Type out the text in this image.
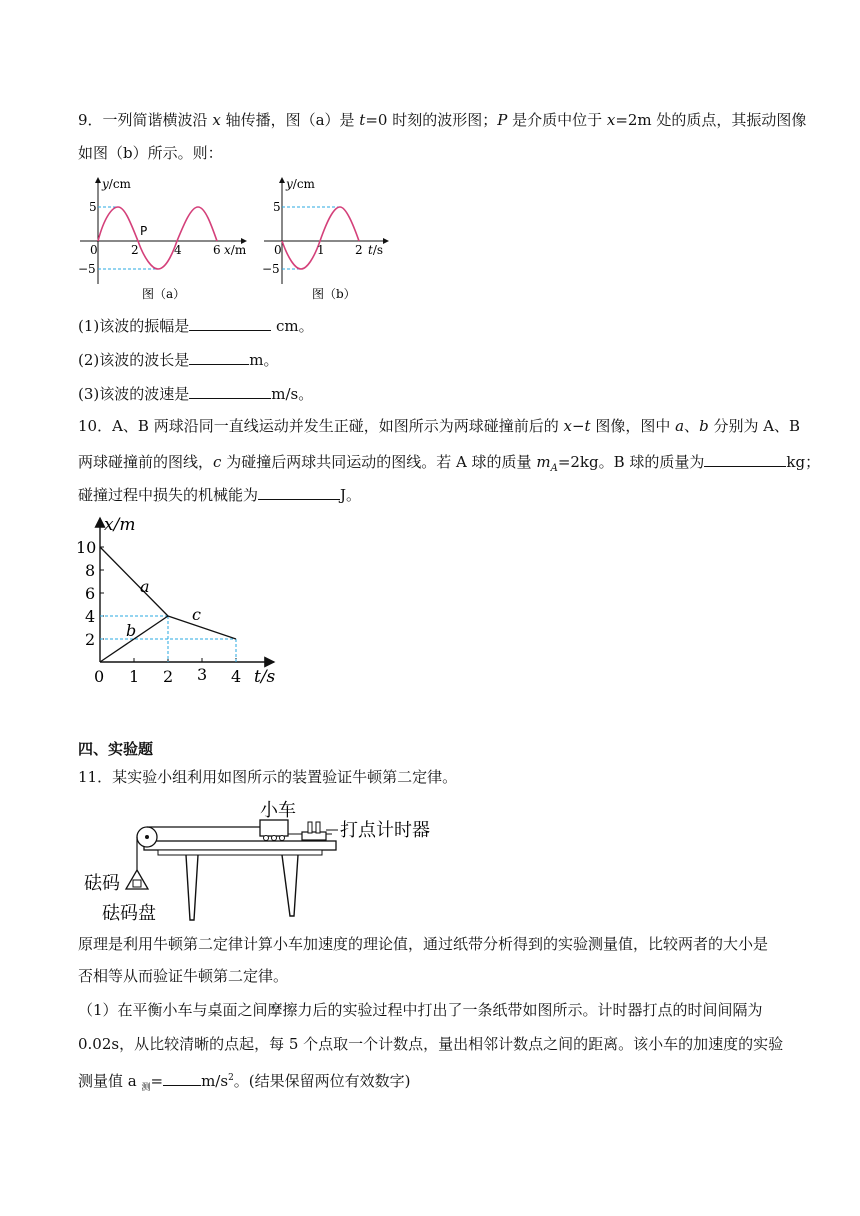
9．一列简谐横波沿 x 轴传播，图（a）是 t=0 时刻的波形图；P 是介质中位于 x=2m 处的质点，其振动图像
如图（b）所示。则：
y/cm
5
−5
0	2	4	6
P
x/m
图（a）
y/cm
5
−5
0	1	2 t/s
图（b）
(1)该波的振幅是	cm。
(2)该波的波长是	m。
(3)该波的波速是	m/s。
10．A、B 两球沿同一直线运动并发生正碰，如图所示为两球碰撞前后的 x−t 图像，图中 a、b 分别为 A、B
两球碰撞前的图线，c 为碰撞后两球共同运动的图线。若 A 球的质量 $m_A=2kg$。B 球的质量为	kg；
碰撞过程中损失的机械能为	J。
x/m
10
8
6
4
2
0 1 2 3 4 t/s
a
b
c
四、实验题
11．某实验小组利用如图所示的装置验证牛顿第二定律。
小车
打点计时器
砝码
砝码盘
原理是利用牛顿第二定律计算小车加速度的理论值，通过纸带分析得到的实验测量值，比较两者的大小是
否相等从而验证牛顿第二定律。
（1）在平衡小车与桌面之间摩擦力后的实验过程中打出了一条纸带如图所示。计时器打点的时间间隔为
0.02s，从比较清晰的点起，每 5 个点取一个计数点，量出相邻计数点之间的距离。该小车的加速度的实验
测量值 a $_测$=	$m/s^2$。(结果保留两位有效数字)
